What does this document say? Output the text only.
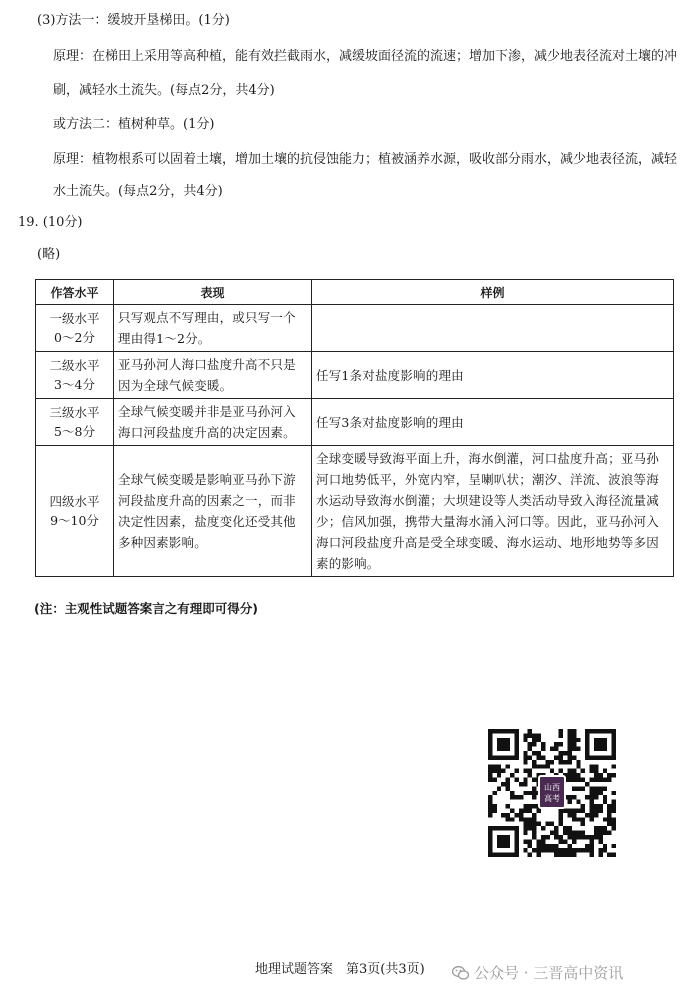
(3)方法一：缓坡开垦梯田。(1分)
原理：在梯田上采用等高种植，能有效拦截雨水，减缓坡面径流的流速；增加下渗，减少地表径流对土壤的冲
刷，减轻水土流失。(每点2分，共4分)
或方法二：植树种草。(1分)
原理：植物根系可以固着土壤，增加土壤的抗侵蚀能力；植被涵养水源，吸收部分雨水，减少地表径流，减轻
水土流失。(每点2分，共4分)
19. (10分)
(略)
作答水平	表现	样例

一级水平
0～2分	只写观点不写理由，或只写一个理由得1～2分。	

二级水平
3～4分	亚马孙河人海口盐度升高不只是因为全球气候变暖。	任写1条对盐度影响的理由

三级水平
5～8分	全球气候变暖并非是亚马孙河入海口河段盐度升高的决定因素。	任写3条对盐度影响的理由

四级水平
9～10分	全球气候变暖是影响亚马孙下游河段盐度升高的因素之一，而非决定性因素，盐度变化还受其他多种因素影响。	全球变暖导致海平面上升，海水倒灌，河口盐度升高；亚马孙河口地势低平，外宽内窄，呈喇叭状；潮汐、洋流、波浪等海水运动导致海水倒灌；大坝建设等人类活动导致入海径流量减少；信风加强，携带大量海水涌入河口等。因此，亚马孙河入海口河段盐度升高是受全球变暖、海水运动、地形地势等多因素的影响。
(注：主观性试题答案言之有理即可得分)
山西
高考
地理试题答案　第3页(共3页)	公众号 · 三晋高中资讯
